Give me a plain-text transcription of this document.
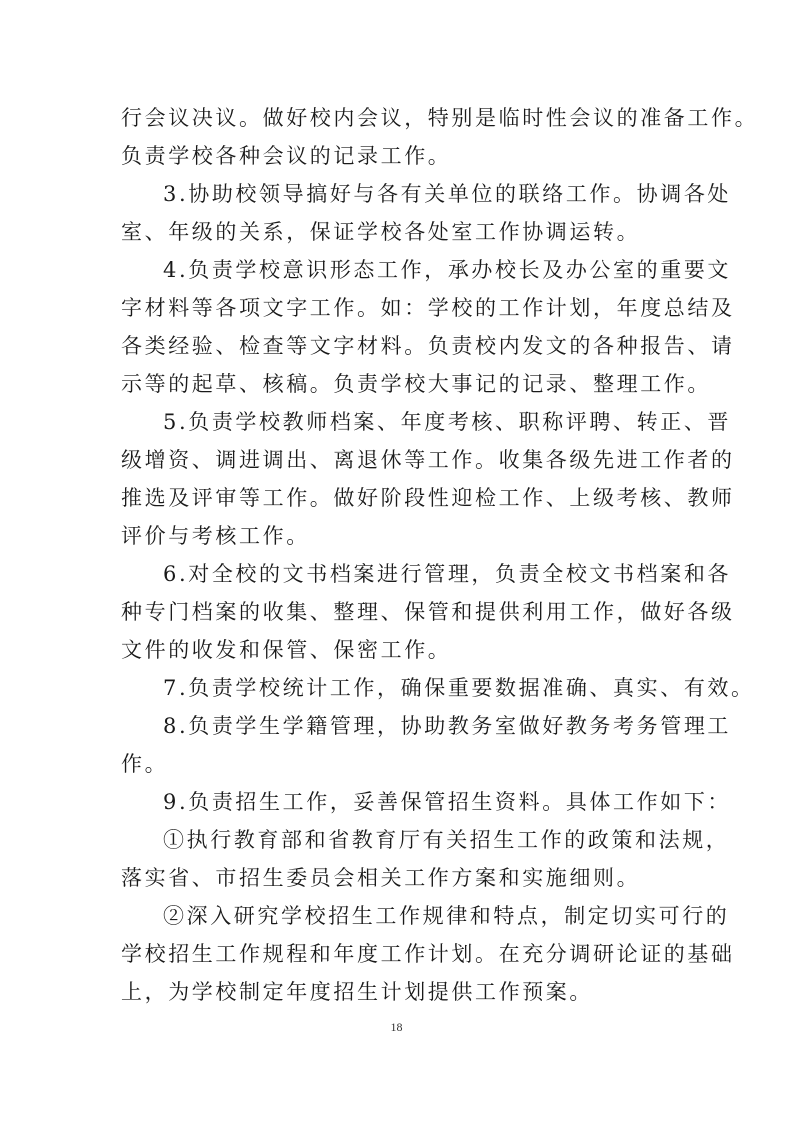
行会议决议。做好校内会议，特别是临时性会议的准备工作。
负责学校各种会议的记录工作。
3.协助校领导搞好与各有关单位的联络工作。协调各处
室、年级的关系，保证学校各处室工作协调运转。
4.负责学校意识形态工作，承办校长及办公室的重要文
字材料等各项文字工作。如：学校的工作计划，年度总结及
各类经验、检查等文字材料。负责校内发文的各种报告、请
示等的起草、核稿。负责学校大事记的记录、整理工作。
5.负责学校教师档案、年度考核、职称评聘、转正、晋
级增资、调进调出、离退休等工作。收集各级先进工作者的
推选及评审等工作。做好阶段性迎检工作、上级考核、教师
评价与考核工作。
6.对全校的文书档案进行管理，负责全校文书档案和各
种专门档案的收集、整理、保管和提供利用工作，做好各级
文件的收发和保管、保密工作。
7.负责学校统计工作，确保重要数据准确、真实、有效。
8.负责学生学籍管理，协助教务室做好教务考务管理工
作。
9.负责招生工作，妥善保管招生资料。具体工作如下：
①执行教育部和省教育厅有关招生工作的政策和法规，
落实省、市招生委员会相关工作方案和实施细则。
②深入研究学校招生工作规律和特点，制定切实可行的
学校招生工作规程和年度工作计划。在充分调研论证的基础
上，为学校制定年度招生计划提供工作预案。
18
